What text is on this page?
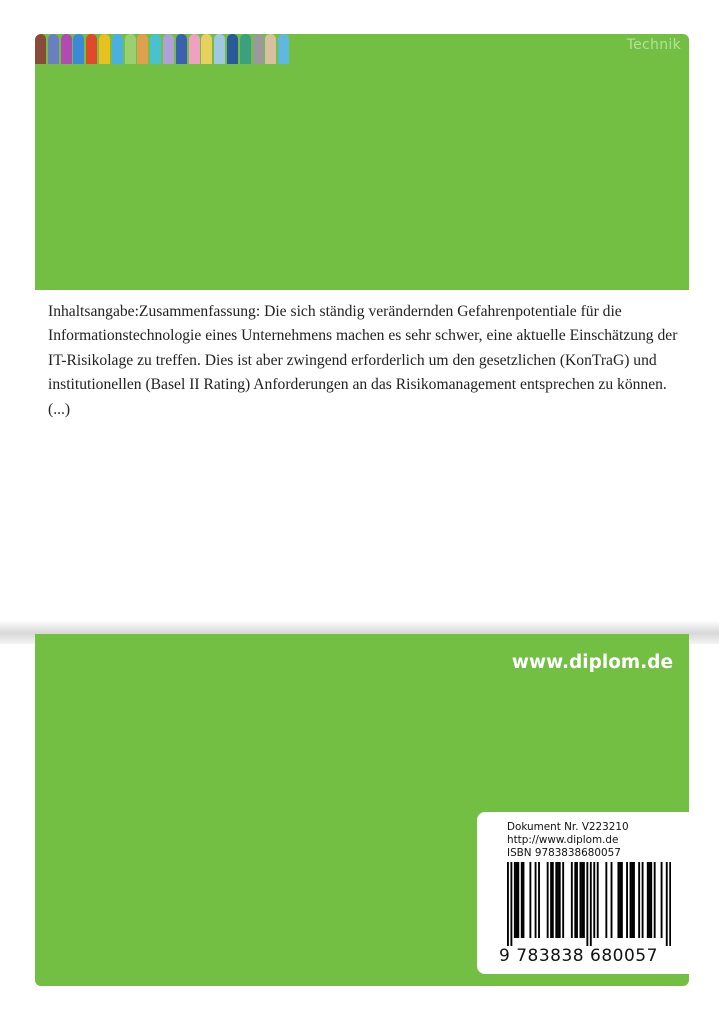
Technik

Inhaltsangabe:Zusammenfassung: Die sich ständig verändernden Gefahrenpotentiale für die Informationstechnologie eines Unternehmens machen es sehr schwer, eine aktuelle Einschätzung der IT-Risikolage zu treffen. Dies ist aber zwingend erforderlich um den gesetzlichen (KonTraG) und institutionellen (Basel II Rating) Anforderungen an das Risikomanagement entsprechen zu können. (...)

www.diplom.de
Dokument Nr. V223210
http://www.diplom.de
ISBN 9783838680057
9 783838 680057
